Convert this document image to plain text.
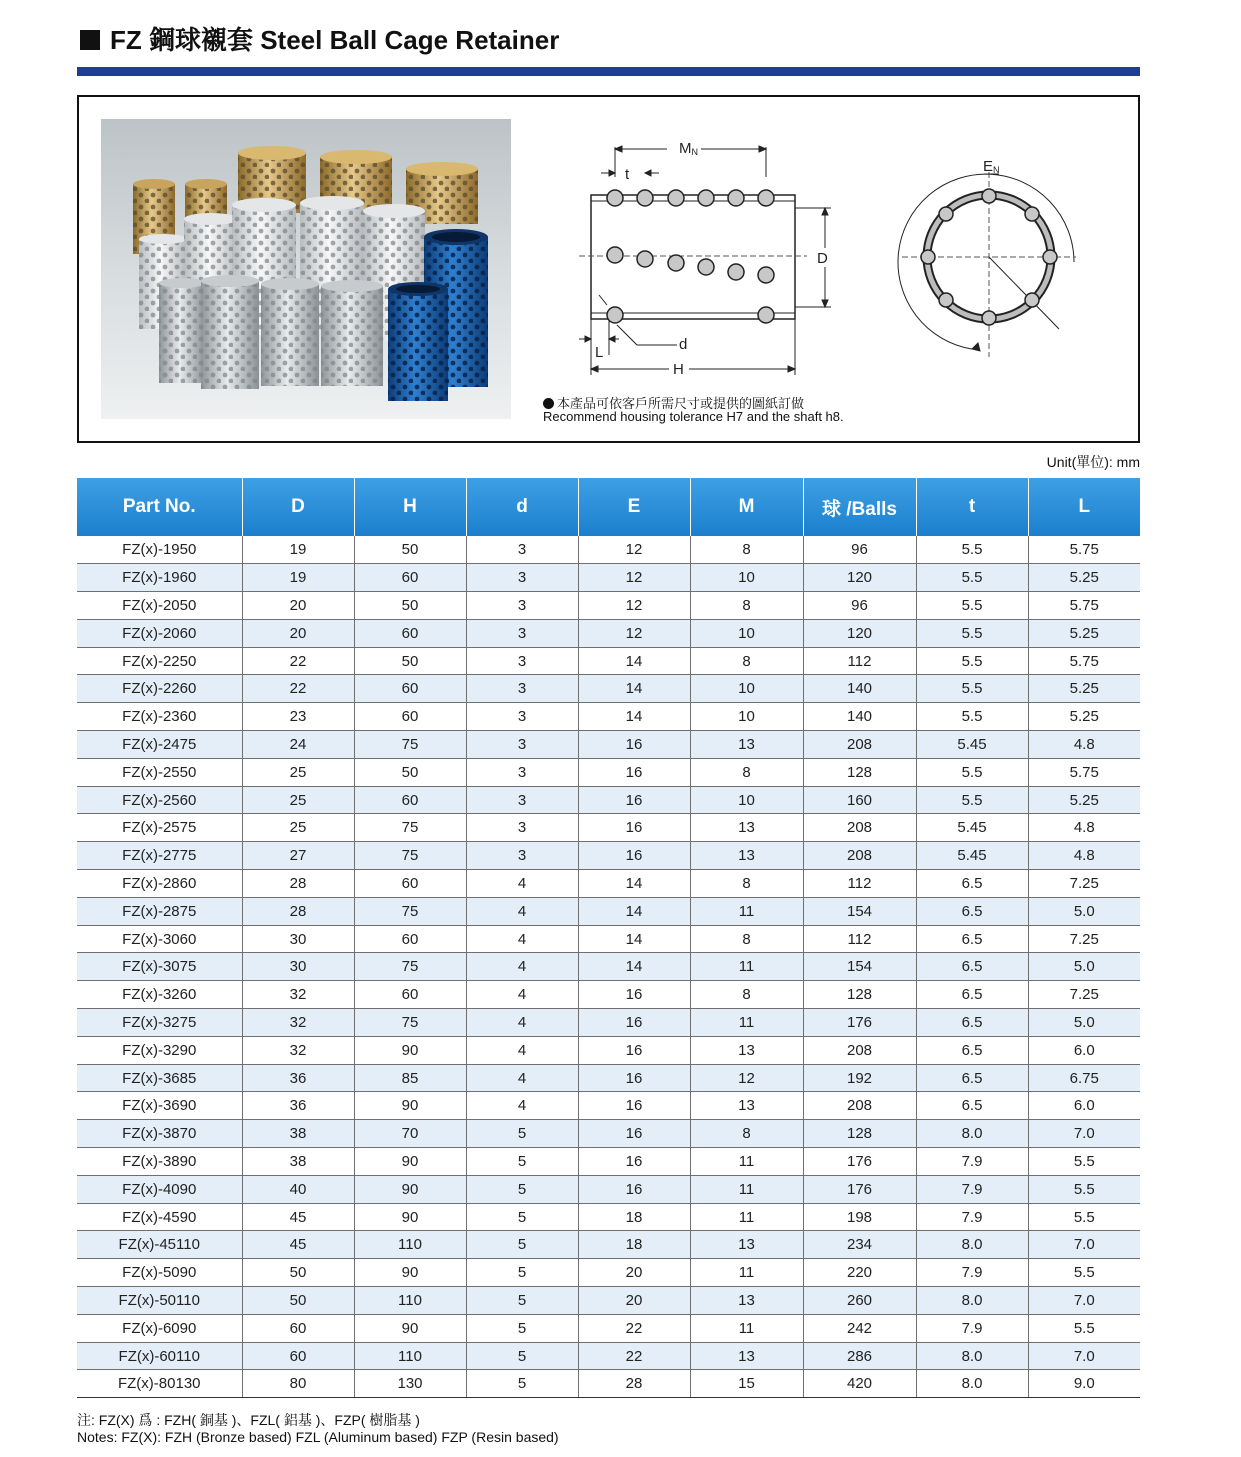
FZ 鋼球襯套 Steel Ball Cage Retainer
MN
t
D
d
L
H
EN
本產品可依客戶所需尺寸或提供的圖紙訂做
Recommend housing tolerance H7 and the shaft h8.
Unit(單位): mm
Part No.	D	H	d	E	M	球 /Balls	t	L
FZ(x)-1950	19	50	3	12	8	96	5.5	5.75
FZ(x)-1960	19	60	3	12	10	120	5.5	5.25
FZ(x)-2050	20	50	3	12	8	96	5.5	5.75
FZ(x)-2060	20	60	3	12	10	120	5.5	5.25
FZ(x)-2250	22	50	3	14	8	112	5.5	5.75
FZ(x)-2260	22	60	3	14	10	140	5.5	5.25
FZ(x)-2360	23	60	3	14	10	140	5.5	5.25
FZ(x)-2475	24	75	3	16	13	208	5.45	4.8
FZ(x)-2550	25	50	3	16	8	128	5.5	5.75
FZ(x)-2560	25	60	3	16	10	160	5.5	5.25
FZ(x)-2575	25	75	3	16	13	208	5.45	4.8
FZ(x)-2775	27	75	3	16	13	208	5.45	4.8
FZ(x)-2860	28	60	4	14	8	112	6.5	7.25
FZ(x)-2875	28	75	4	14	11	154	6.5	5.0
FZ(x)-3060	30	60	4	14	8	112	6.5	7.25
FZ(x)-3075	30	75	4	14	11	154	6.5	5.0
FZ(x)-3260	32	60	4	16	8	128	6.5	7.25
FZ(x)-3275	32	75	4	16	11	176	6.5	5.0
FZ(x)-3290	32	90	4	16	13	208	6.5	6.0
FZ(x)-3685	36	85	4	16	12	192	6.5	6.75
FZ(x)-3690	36	90	4	16	13	208	6.5	6.0
FZ(x)-3870	38	70	5	16	8	128	8.0	7.0
FZ(x)-3890	38	90	5	16	11	176	7.9	5.5
FZ(x)-4090	40	90	5	16	11	176	7.9	5.5
FZ(x)-4590	45	90	5	18	11	198	7.9	5.5
FZ(x)-45110	45	110	5	18	13	234	8.0	7.0
FZ(x)-5090	50	90	5	20	11	220	7.9	5.5
FZ(x)-50110	50	110	5	20	13	260	8.0	7.0
FZ(x)-6090	60	90	5	22	11	242	7.9	5.5
FZ(x)-60110	60	110	5	22	13	286	8.0	7.0
FZ(x)-80130	80	130	5	28	15	420	8.0	9.0
注: FZ(X) 爲 : FZH( 銅基 )、FZL( 鋁基 )、FZP( 樹脂基 )
Notes: FZ(X): FZH (Bronze based) FZL (Aluminum based) FZP (Resin based)
